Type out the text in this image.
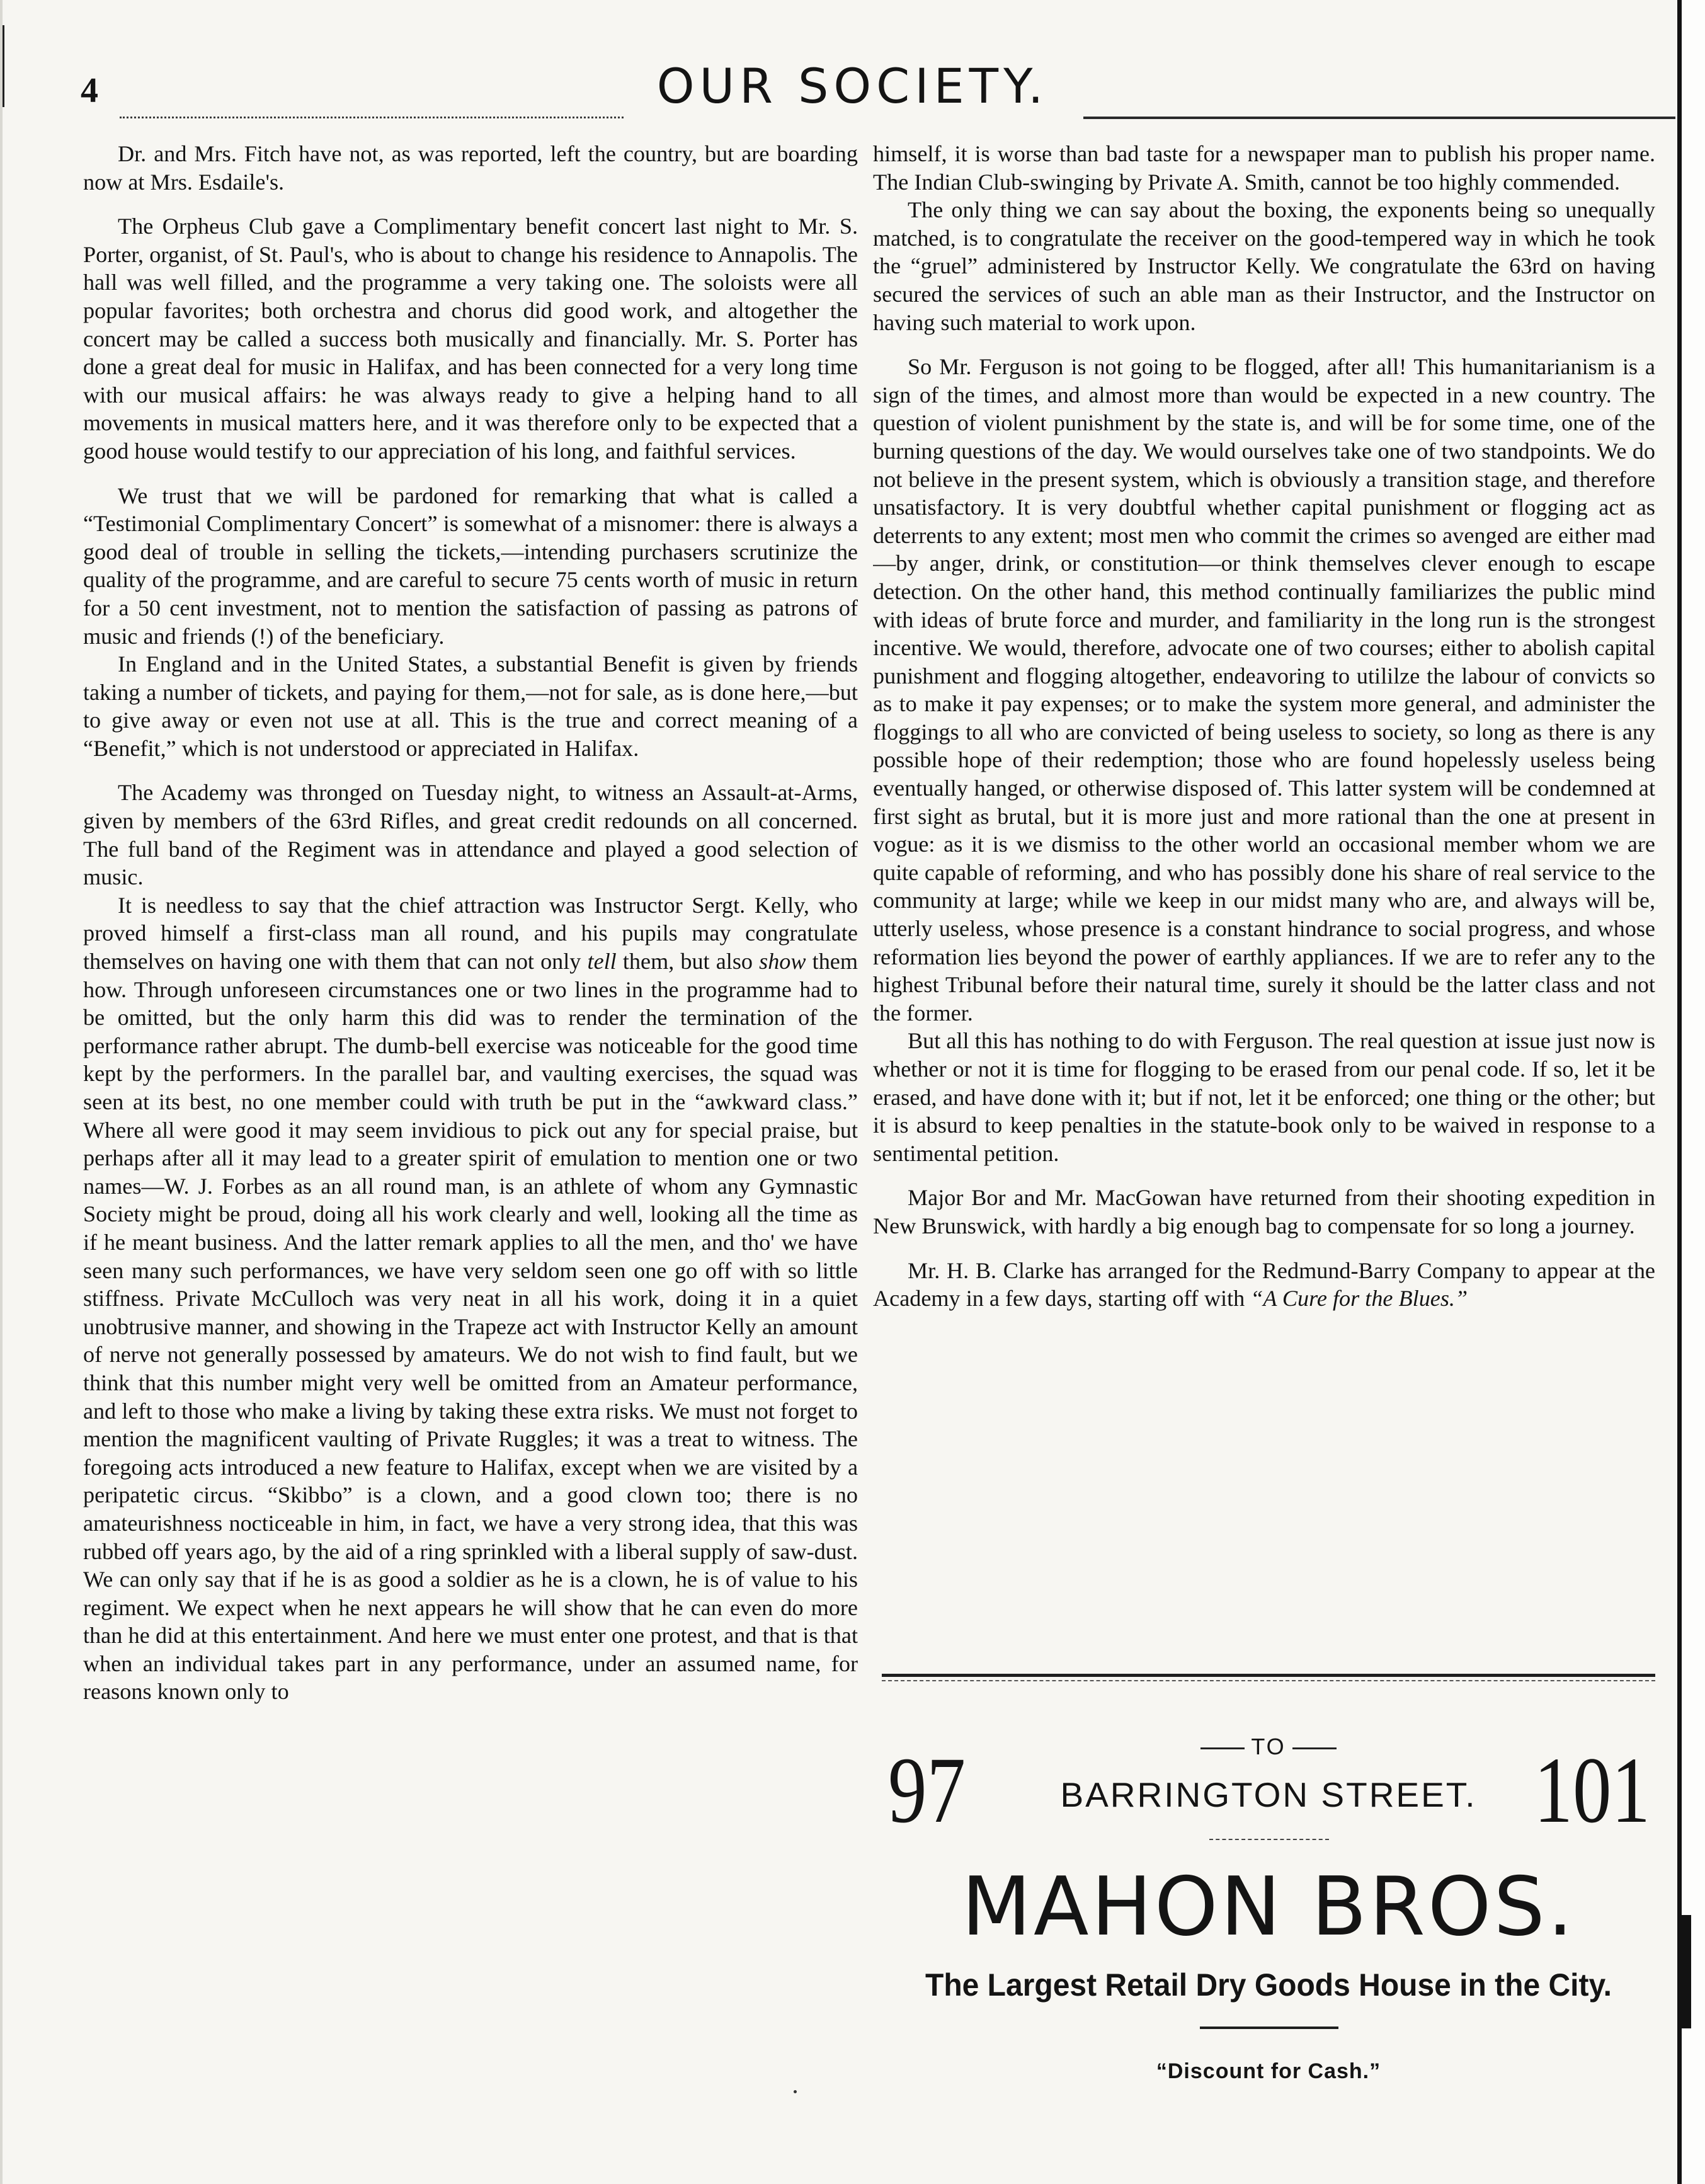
4	OUR SOCIETY.

Dr. and Mrs. Fitch have not, as was reported, left the country, but are boarding now at Mrs. Esdaile's.

The Orpheus Club gave a Complimentary benefit concert last night to Mr. S. Porter, organist, of St. Paul's, who is about to change his residence to Annapolis. The hall was well filled, and the programme a very taking one. The soloists were all popular favorites; both orchestra and chorus did good work, and altogether the concert may be called a success both musically and financially. Mr. S. Porter has done a great deal for music in Halifax, and has been connected for a very long time with our musical affairs: he was always ready to give a helping hand to all movements in musical matters here, and it was therefore only to be expected that a good house would testify to our appreciation of his long, and faithful services.

We trust that we will be pardoned for remarking that what is called a “Testimonial Complimentary Concert” is somewhat of a misnomer: there is always a good deal of trouble in selling the tickets,—intending purchasers scrutinize the quality of the programme, and are careful to secure 75 cents worth of music in return for a 50 cent investment, not to mention the satisfaction of passing as patrons of music and friends (!) of the beneficiary.

In England and in the United States, a substantial Benefit is given by friends taking a number of tickets, and paying for them,—not for sale, as is done here,—but to give away or even not use at all. This is the true and correct meaning of a “Benefit,” which is not understood or appreciated in Halifax.

The Academy was thronged on Tuesday night, to witness an Assault-at-Arms, given by members of the 63rd Rifles, and great credit redounds on all concerned. The full band of the Regiment was in attendance and played a good selection of music.

It is needless to say that the chief attraction was Instructor Sergt. Kelly, who proved himself a first-class man all round, and his pupils may congratulate themselves on having one with them that can not only tell them, but also show them how. Through unforeseen circumstances one or two lines in the programme had to be omitted, but the only harm this did was to render the termination of the performance rather abrupt. The dumb-bell exercise was noticeable for the good time kept by the performers. In the parallel bar, and vaulting exercises, the squad was seen at its best, no one member could with truth be put in the “awkward class.” Where all were good it may seem invidious to pick out any for special praise, but perhaps after all it may lead to a greater spirit of emulation to mention one or two names—W. J. Forbes as an all round man, is an athlete of whom any Gymnastic Society might be proud, doing all his work clearly and well, looking all the time as if he meant business. And the latter remark applies to all the men, and tho' we have seen many such performances, we have very seldom seen one go off with so little stiffness. Private McCulloch was very neat in all his work, doing it in a quiet unobtrusive manner, and showing in the Trapeze act with Instructor Kelly an amount of nerve not generally possessed by amateurs. We do not wish to find fault, but we think that this number might very well be omitted from an Amateur performance, and left to those who make a living by taking these extra risks. We must not forget to mention the magnificent vaulting of Private Ruggles; it was a treat to witness. The foregoing acts introduced a new feature to Halifax, except when we are visited by a peripatetic circus. “Skibbo” is a clown, and a good clown too; there is no amateurishness nocticeable in him, in fact, we have a very strong idea, that this was rubbed off years ago, by the aid of a ring sprinkled with a liberal supply of saw-dust. We can only say that if he is as good a soldier as he is a clown, he is of value to his regiment. We expect when he next appears he will show that he can even do more than he did at this entertainment. And here we must enter one protest, and that is that when an individual takes part in any performance, under an assumed name, for reasons known only to

himself, it is worse than bad taste for a newspaper man to publish his proper name. The Indian Club-swinging by Private A. Smith, cannot be too highly commended.

The only thing we can say about the boxing, the exponents being so unequally matched, is to congratulate the receiver on the good-tempered way in which he took the “gruel” administered by Instructor Kelly. We congratulate the 63rd on having secured the services of such an able man as their Instructor, and the Instructor on having such material to work upon.

So Mr. Ferguson is not going to be flogged, after all! This humanitarianism is a sign of the times, and almost more than would be expected in a new country. The question of violent punishment by the state is, and will be for some time, one of the burning questions of the day. We would ourselves take one of two standpoints. We do not believe in the present system, which is obviously a transition stage, and therefore unsatisfactory. It is very doubtful whether capital punishment or flogging act as deterrents to any extent; most men who commit the crimes so avenged are either mad—by anger, drink, or constitution—or think themselves clever enough to escape detection. On the other hand, this method continually familiarizes the public mind with ideas of brute force and murder, and familiarity in the long run is the strongest incentive. We would, therefore, advocate one of two courses; either to abolish capital punishment and flogging altogether, endeavoring to utililze the labour of convicts so as to make it pay expenses; or to make the system more general, and administer the floggings to all who are convicted of being useless to society, so long as there is any possible hope of their redemption; those who are found hopelessly useless being eventually hanged, or otherwise disposed of. This latter system will be condemned at first sight as brutal, but it is more just and more rational than the one at present in vogue: as it is we dismiss to the other world an occasional member whom we are quite capable of reforming, and who has possibly done his share of real service to the community at large; while we keep in our midst many who are, and always will be, utterly useless, whose presence is a constant hindrance to social progress, and whose reformation lies beyond the power of earthly appliances. If we are to refer any to the highest Tribunal before their natural time, surely it should be the latter class and not the former.

But all this has nothing to do with Ferguson. The real question at issue just now is whether or not it is time for flogging to be erased from our penal code. If so, let it be erased, and have done with it; but if not, let it be enforced; one thing or the other; but it is absurd to keep penalties in the statute-book only to be waived in response to a sentimental petition.

Major Bor and Mr. MacGowan have returned from their shooting expedition in New Brunswick, with hardly a big enough bag to compensate for so long a journey.

Mr. H. B. Clarke has arranged for the Redmund-Barry Company to appear at the Academy in a few days, starting off with “A Cure for the Blues.”

97	TO
BARRINGTON STREET. 101
MAHON BROS.
The Largest Retail Dry Goods House in the City.
“Discount for Cash.”
